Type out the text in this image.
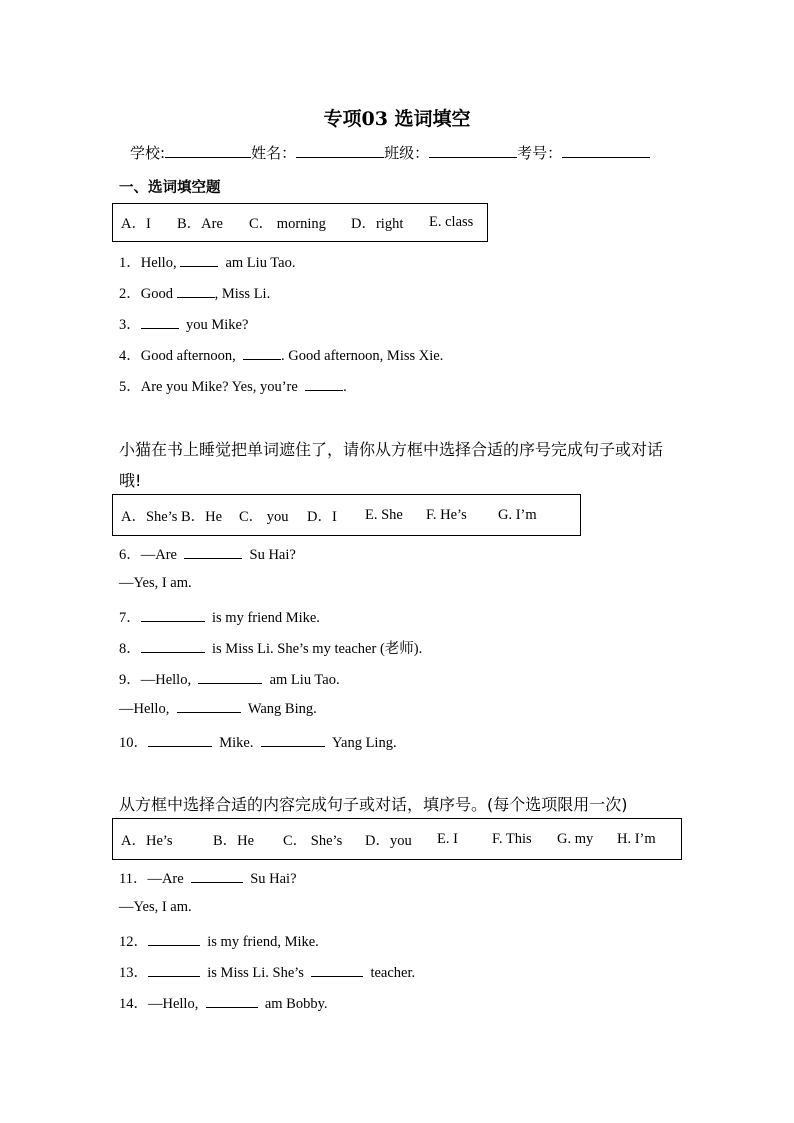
专项03 选词填空
学校:	姓名：	班级：	考号：
一、选词填空题
A．I	B．Are	C． morning	D．right	E. class
1．Hello,	am Liu Tao.
2．Good	, Miss Li.
3．	you Mike?
4．Good afternoon,	. Good afternoon, Miss Xie.
5．Are you Mike? Yes, you’re	.
小猫在书上睡觉把单词遮住了，请你从方框中选择合适的序号完成句子或对话
哦!
A．She’s B．He	C． you	D．I	E. She	F. He’s	G. I’m
6．—Are	Su Hai?
—Yes, I am.
7．	is my friend Mike.
8．	is Miss Li. She’s my teacher (老师).
9．—Hello,	am Liu Tao.
—Hello,	Wang Bing.
10．	Mike.	Yang Ling.
从方框中选择合适的内容完成句子或对话，填序号。(每个选项限用一次)
A．He’s	B．He	C． She’s	D．you	E. I	F. This	G. my	H. I’m
11．—Are	Su Hai?
—Yes, I am.
12．	is my friend, Mike.
13．	is Miss Li. She’s	teacher.
14．—Hello,	am Bobby.
